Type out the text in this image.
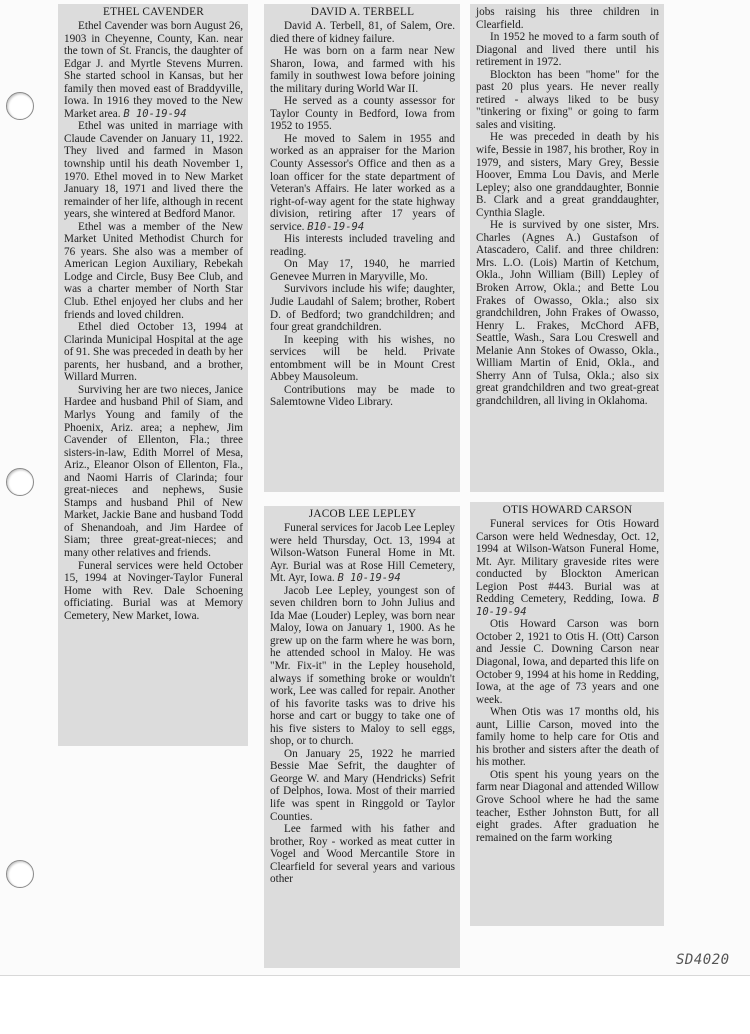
ETHEL CAVENDER

Ethel Cavender was born August 26, 1903 in Cheyenne, County, Kan. near the town of St. Francis, the daughter of Edgar J. and Myrtle Stevens Murren. She started school in Kansas, but her family then moved east of Braddyville, Iowa. In 1916 they moved to the New Market area. B 10-19-94

Ethel was united in marriage with Claude Cavender on January 11, 1922. They lived and farmed in Mason township until his death November 1, 1970. Ethel moved in to New Market January 18, 1971 and lived there the remainder of her life, although in recent years, she wintered at Bedford Manor.

Ethel was a member of the New Market United Methodist Church for 76 years. She also was a member of American Legion Auxiliary, Rebekah Lodge and Circle, Busy Bee Club, and was a charter member of North Star Club. Ethel enjoyed her clubs and her friends and loved children.

Ethel died October 13, 1994 at Clarinda Municipal Hospital at the age of 91. She was preceded in death by her parents, her husband, and a brother, Willard Murren.

Surviving her are two nieces, Janice Hardee and husband Phil of Siam, and Marlys Young and family of the Phoenix, Ariz. area; a nephew, Jim Cavender of Ellenton, Fla.; three sisters-in-law, Edith Morrel of Mesa, Ariz., Eleanor Olson of Ellenton, Fla., and Naomi Harris of Clarinda; four great-nieces and nephews, Susie Stamps and husband Phil of New Market, Jackie Bane and husband Todd of Shenandoah, and Jim Hardee of Siam; three great-great-nieces; and many other relatives and friends.

Funeral services were held October 15, 1994 at Novinger-Taylor Funeral Home with Rev. Dale Schoening officiating. Burial was at Memory Cemetery, New Market, Iowa.

DAVID A. TERBELL

David A. Terbell, 81, of Salem, Ore. died there of kidney failure.

He was born on a farm near New Sharon, Iowa, and farmed with his family in southwest Iowa before joining the military during World War II.

He served as a county assessor for Taylor County in Bedford, Iowa from 1952 to 1955.

He moved to Salem in 1955 and worked as an appraiser for the Marion County Assessor's Office and then as a loan officer for the state department of Veteran's Affairs. He later worked as a right-of-way agent for the state highway division, retiring after 17 years of service. B10-19-94

His interests included traveling and reading.

On May 17, 1940, he married Genevee Murren in Maryville, Mo.

Survivors include his wife; daughter, Judie Laudahl of Salem; brother, Robert D. of Bedford; two grandchildren; and four great grandchildren.

In keeping with his wishes, no services will be held. Private entombment will be in Mount Crest Abbey Mausoleum.

Contributions may be made to Salemtowne Video Library.

JACOB LEE LEPLEY

Funeral services for Jacob Lee Lepley were held Thursday, Oct. 13, 1994 at Wilson-Watson Funeral Home in Mt. Ayr. Burial was at Rose Hill Cemetery, Mt. Ayr, Iowa. B 10-19-94

Jacob Lee Lepley, youngest son of seven children born to John Julius and Ida Mae (Louder) Lepley, was born near Maloy, Iowa on January 1, 1900. As he grew up on the farm where he was born, he attended school in Maloy. He was "Mr. Fix-it" in the Lepley household, always if something broke or wouldn't work, Lee was called for repair. Another of his favorite tasks was to drive his horse and cart or buggy to take one of his five sisters to Maloy to sell eggs, shop, or to church.

On January 25, 1922 he married Bessie Mae Sefrit, the daughter of George W. and Mary (Hendricks) Sefrit of Delphos, Iowa. Most of their married life was spent in Ringgold or Taylor Counties.

Lee farmed with his father and brother, Roy - worked as meat cutter in Vogel and Wood Mercantile Store in Clearfield for several years and various other

jobs raising his three children in Clearfield.

In 1952 he moved to a farm south of Diagonal and lived there until his retirement in 1972.

Blockton has been "home" for the past 20 plus years. He never really retired - always liked to be busy "tinkering or fixing" or going to farm sales and visiting.

He was preceded in death by his wife, Bessie in 1987, his brother, Roy in 1979, and sisters, Mary Grey, Bessie Hoover, Emma Lou Davis, and Merle Lepley; also one granddaughter, Bonnie B. Clark and a great granddaughter, Cynthia Slagle.

He is survived by one sister, Mrs. Charles (Agnes A.) Gustafson of Atascadero, Calif. and three children: Mrs. L.O. (Lois) Martin of Ketchum, Okla., John William (Bill) Lepley of Broken Arrow, Okla.; and Bette Lou Frakes of Owasso, Okla.; also six grandchildren, John Frakes of Owasso, Henry L. Frakes, McChord AFB, Seattle, Wash., Sara Lou Creswell and Melanie Ann Stokes of Owasso, Okla., William Martin of Enid, Okla., and Sherry Ann of Tulsa, Okla.; also six great grandchildren and two great-great grandchildren, all living in Oklahoma.

OTIS HOWARD CARSON

Funeral services for Otis Howard Carson were held Wednesday, Oct. 12, 1994 at Wilson-Watson Funeral Home, Mt. Ayr. Military graveside rites were conducted by Blockton American Legion Post #443. Burial was at Redding Cemetery, Redding, Iowa. B 10-19-94

Otis Howard Carson was born October 2, 1921 to Otis H. (Ott) Carson and Jessie C. Downing Carson near Diagonal, Iowa, and departed this life on October 9, 1994 at his home in Redding, Iowa, at the age of 73 years and one week.

When Otis was 17 months old, his aunt, Lillie Carson, moved into the family home to help care for Otis and his brother and sisters after the death of his mother.

Otis spent his young years on the farm near Diagonal and attended Willow Grove School where he had the same teacher, Esther Johnston Butt, for all eight grades. After graduation he remained on the farm working

SD4020
